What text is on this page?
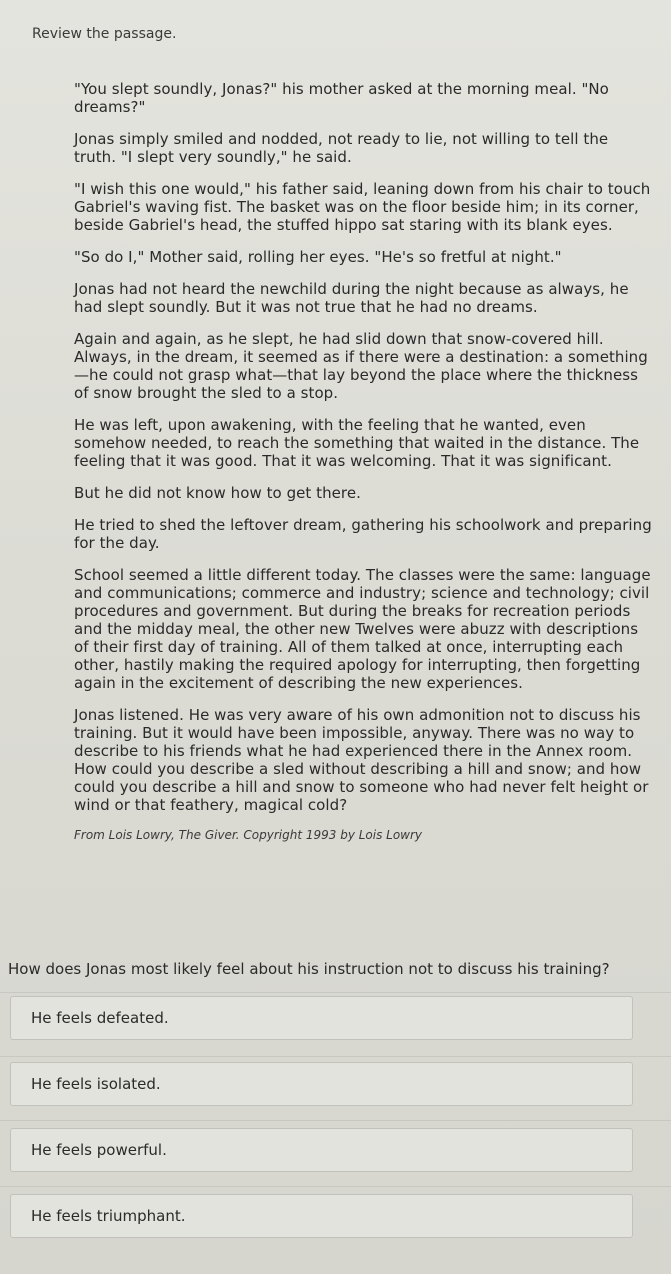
Review the passage.

"You slept soundly, Jonas?" his mother asked at the morning meal. "No dreams?"

Jonas simply smiled and nodded, not ready to lie, not willing to tell the truth. "I slept very soundly," he said.

"I wish this one would," his father said, leaning down from his chair to touch Gabriel's waving fist. The basket was on the floor beside him; in its corner, beside Gabriel's head, the stuffed hippo sat staring with its blank eyes.

"So do I," Mother said, rolling her eyes. "He's so fretful at night."

Jonas had not heard the newchild during the night because as always, he had slept soundly. But it was not true that he had no dreams.

Again and again, as he slept, he had slid down that snow-covered hill. Always, in the dream, it seemed as if there were a destination: a something—he could not grasp what—that lay beyond the place where the thickness of snow brought the sled to a stop.

He was left, upon awakening, with the feeling that he wanted, even somehow needed, to reach the something that waited in the distance. The feeling that it was good. That it was welcoming. That it was significant.

But he did not know how to get there.

He tried to shed the leftover dream, gathering his schoolwork and preparing for the day.

School seemed a little different today. The classes were the same: language and communications; commerce and industry; science and technology; civil procedures and government. But during the breaks for recreation periods and the midday meal, the other new Twelves were abuzz with descriptions of their first day of training. All of them talked at once, interrupting each other, hastily making the required apology for interrupting, then forgetting again in the excitement of describing the new experiences.

Jonas listened. He was very aware of his own admonition not to discuss his training. But it would have been impossible, anyway. There was no way to describe to his friends what he had experienced there in the Annex room. How could you describe a sled without describing a hill and snow; and how could you describe a hill and snow to someone who had never felt height or wind or that feathery, magical cold?

From Lois Lowry, The Giver. Copyright 1993 by Lois Lowry
How does Jonas most likely feel about his instruction not to discuss his training?
He feels defeated.
He feels isolated.
He feels powerful.
He feels triumphant.
